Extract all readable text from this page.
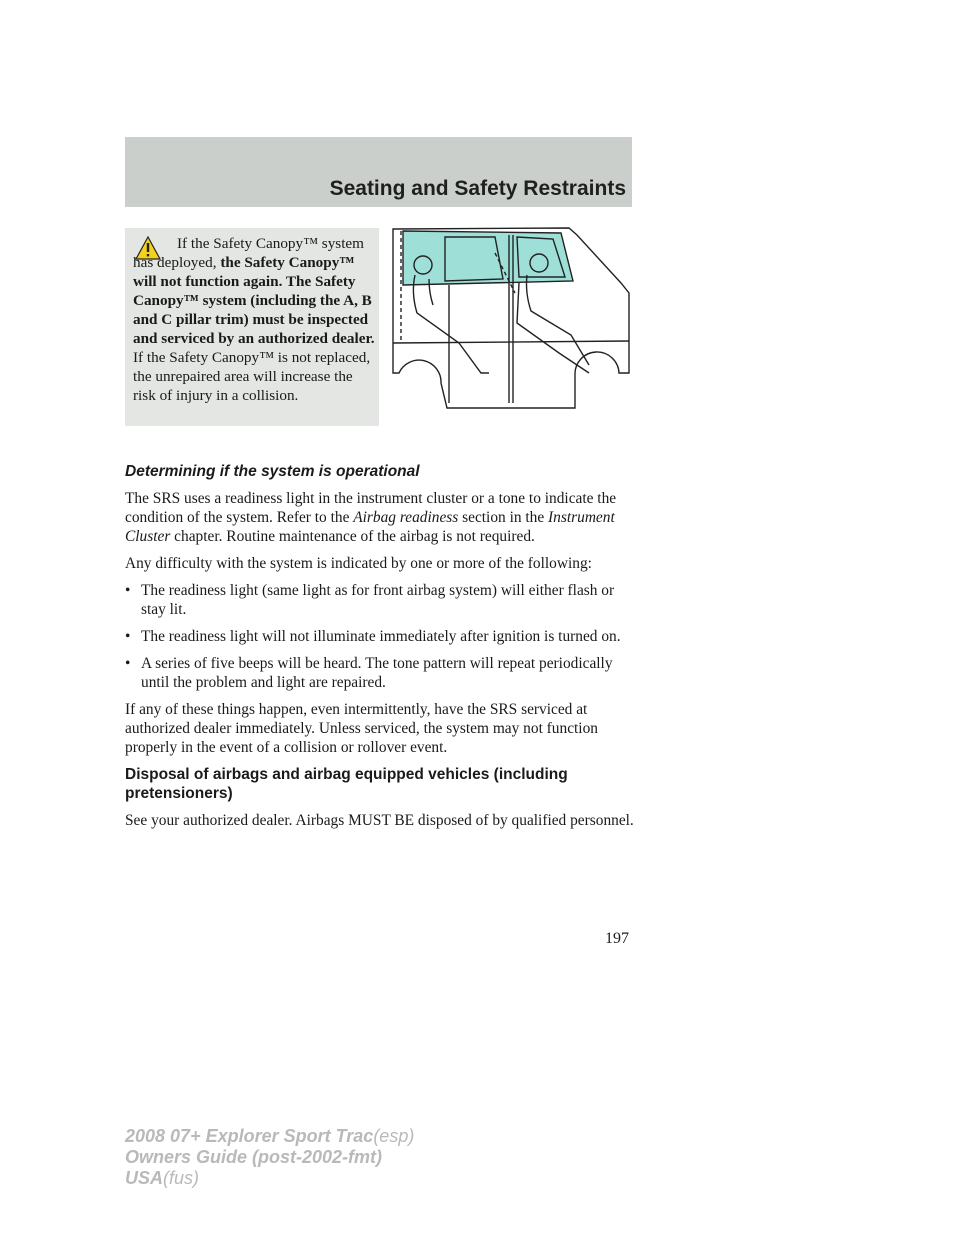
Seating and Safety Restraints

If the Safety Canopy™ system has deployed, the Safety Canopy™ will not function again. The Safety Canopy™ system (including the A, B and C pillar trim) must be inspected and serviced by an authorized dealer. If the Safety Canopy™ is not replaced, the unrepaired area will increase the risk of injury in a collision.

Determining if the system is operational

The SRS uses a readiness light in the instrument cluster or a tone to indicate the condition of the system. Refer to the Airbag readiness section in the Instrument Cluster chapter. Routine maintenance of the airbag is not required.

Any difficulty with the system is indicated by one or more of the following:

• The readiness light (same light as for front airbag system) will either flash or stay lit.
• The readiness light will not illuminate immediately after ignition is turned on.
• A series of five beeps will be heard. The tone pattern will repeat periodically until the problem and light are repaired.

If any of these things happen, even intermittently, have the SRS serviced at authorized dealer immediately. Unless serviced, the system may not function properly in the event of a collision or rollover event.

Disposal of airbags and airbag equipped vehicles (including pretensioners)

See your authorized dealer. Airbags MUST BE disposed of by qualified personnel.

197
2008 07+ Explorer Sport Trac(esp)
Owners Guide (post-2002-fmt)
USA(fus)
